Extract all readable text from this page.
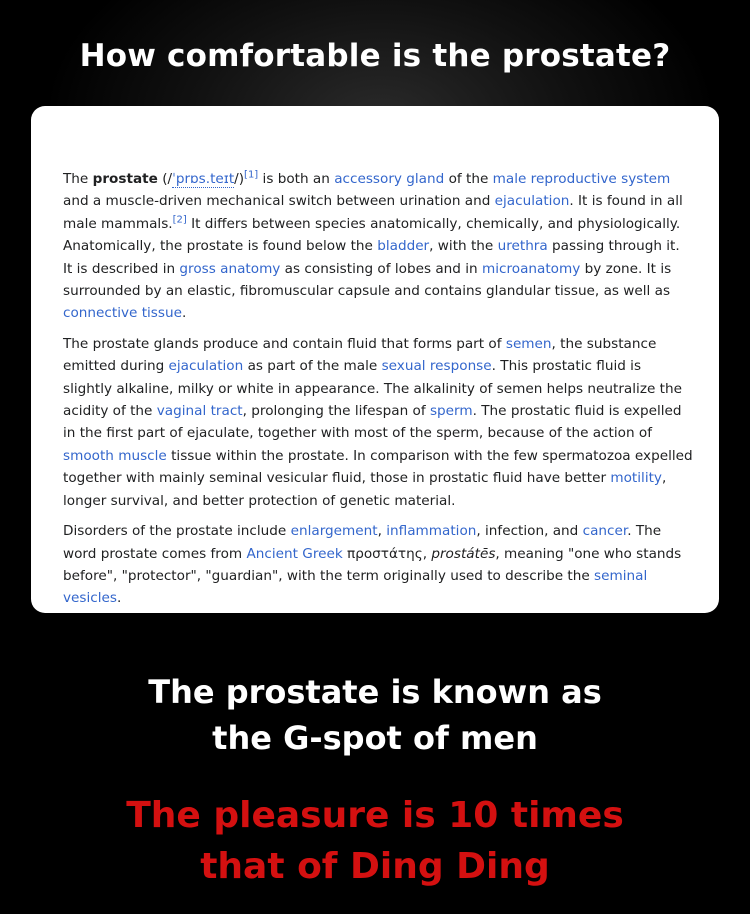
How comfortable is the prostate?

The prostate (/ˈprɒs.teɪt/)[1] is both an accessory gland of the male reproductive system and a muscle-driven mechanical switch between urination and ejaculation. It is found in all male mammals.[2] It differs between species anatomically, chemically, and physiologically. Anatomically, the prostate is found below the bladder, with the urethra passing through it. It is described in gross anatomy as consisting of lobes and in microanatomy by zone. It is surrounded by an elastic, fibromuscular capsule and contains glandular tissue, as well as connective tissue.

The prostate glands produce and contain fluid that forms part of semen, the substance emitted during ejaculation as part of the male sexual response. This prostatic fluid is slightly alkaline, milky or white in appearance. The alkalinity of semen helps neutralize the acidity of the vaginal tract, prolonging the lifespan of sperm. The prostatic fluid is expelled in the first part of ejaculate, together with most of the sperm, because of the action of smooth muscle tissue within the prostate. In comparison with the few spermatozoa expelled together with mainly seminal vesicular fluid, those in prostatic fluid have better motility, longer survival, and better protection of genetic material.

Disorders of the prostate include enlargement, inflammation, infection, and cancer. The word prostate comes from Ancient Greek προστάτης, prostátēs, meaning "one who stands before", "protector", "guardian", with the term originally used to describe the seminal vesicles.

The prostate is known as
the G-spot of men
The pleasure is 10 times
that of Ding Ding
